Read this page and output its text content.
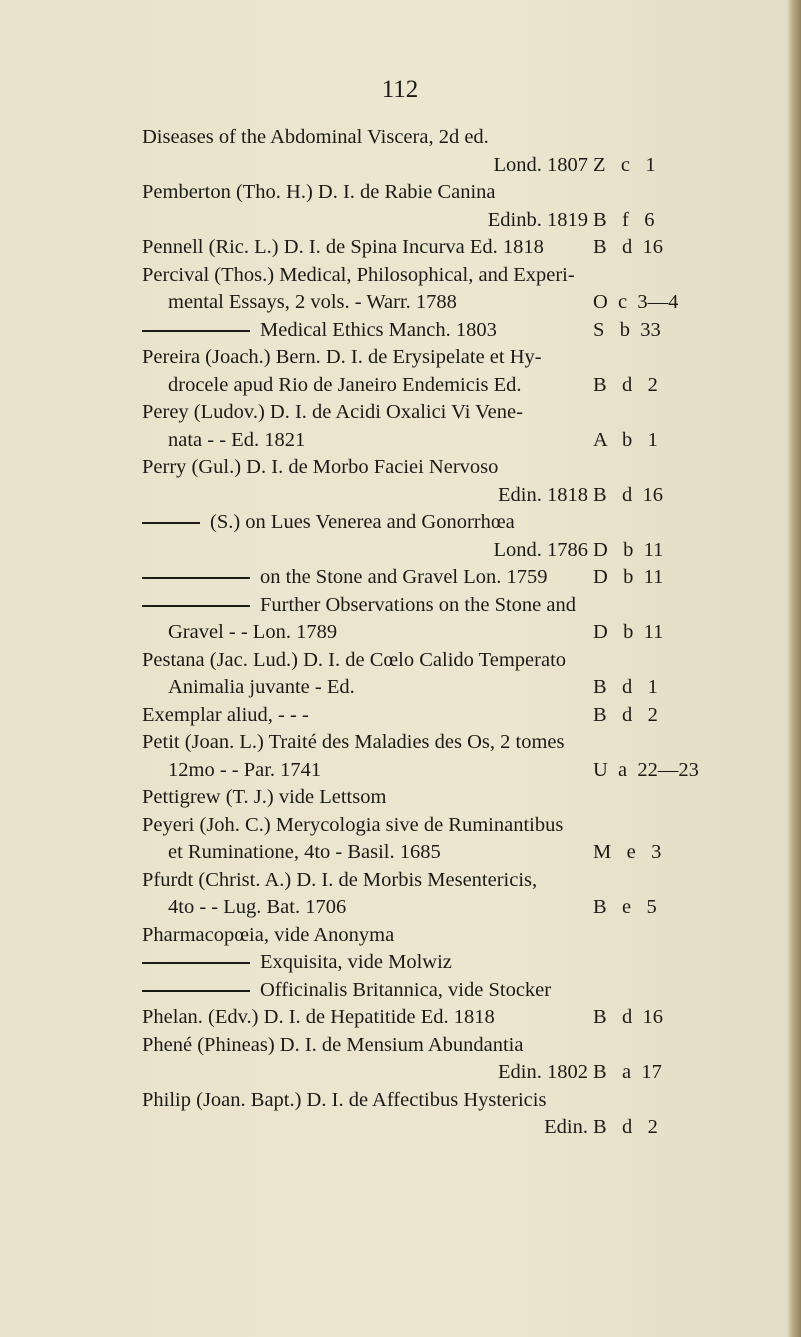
112
Diseases of the Abdominal Viscera, 2d ed.
Lond. 1807 Z   c   1
Pemberton (Tho. H.) D. I. de Rabie Canina
Edinb. 1819 B   f   6
Pennell (Ric. L.) D. I. de Spina Incurva Ed. 1818 B   d  16
Percival (Thos.) Medical, Philosophical, and Experi-
mental Essays, 2 vols. - Warr. 1788	O  c  3—4
Medical Ethics Manch. 1803	S   b  33
Pereira (Joach.) Bern. D. I. de Erysipelate et Hy-
drocele apud Rio de Janeiro Endemicis Ed.	B   d   2
Perey (Ludov.) D. I. de Acidi Oxalici Vi Vene-
nata - - Ed. 1821	A   b   1
Perry (Gul.) D. I. de Morbo Faciei Nervoso
Edin. 1818 B   d  16
(S.) on Lues Venerea and Gonorrhœa
Lond. 1786 D   b  11
on the Stone and Gravel Lon. 1759 D   b  11
Further Observations on the Stone and
Gravel - - Lon. 1789	D   b  11
Pestana (Jac. Lud.) D. I. de Cœlo Calido Temperato
Animalia juvante - Ed.	B   d   1
Exemplar aliud, - - -	B   d   2
Petit (Joan. L.) Traité des Maladies des Os, 2 tomes
12mo - - Par. 1741	U  a  22—23
Pettigrew (T. J.) vide Lettsom
Peyeri (Joh. C.) Merycologia sive de Ruminantibus
et Ruminatione, 4to - Basil. 1685	M   e   3
Pfurdt (Christ. A.) D. I. de Morbis Mesentericis,
4to - - Lug. Bat. 1706	B   e   5
Pharmacopœia, vide Anonyma
Exquisita, vide Molwiz
Officinalis Britannica, vide Stocker
Phelan. (Edv.) D. I. de Hepatitide Ed. 1818	B   d  16
Phené (Phineas) D. I. de Mensium Abundantia
Edin. 1802 B   a  17
Philip (Joan. Bapt.) D. I. de Affectibus Hystericis
Edin. B   d   2
